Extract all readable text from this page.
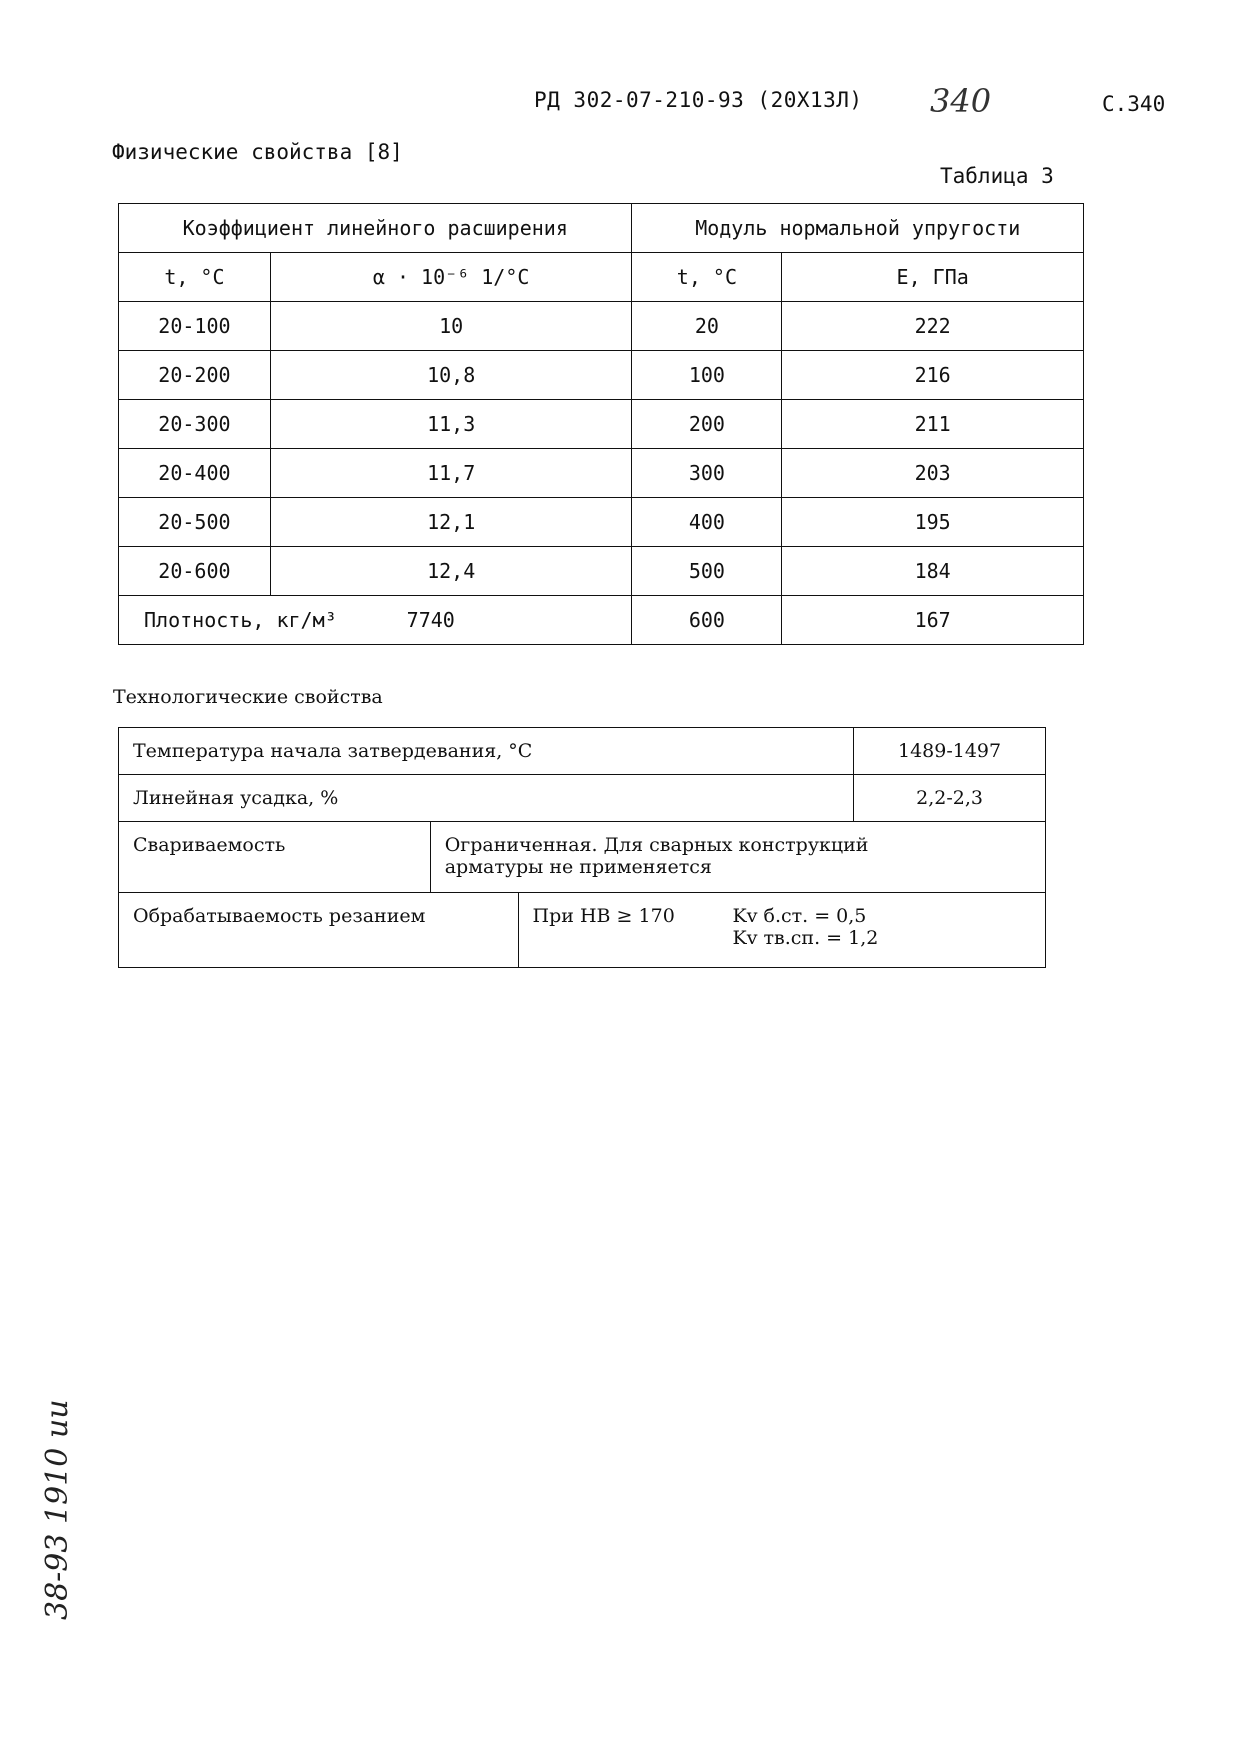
РД 302-07-210-93 (20Х13Л) 340	С.340
Физические свойства [8]
Таблица 3
Коэффициент линейного расширения		Модуль нормальной упругости	
t, °C	α · 10⁻⁶ 1/°C	t, °C	E, ГПа
20-100	10	20	222
20-200	10,8	100	216
20-300	11,3	200	211
20-400	11,7	300	203
20-500	12,1	400	195
20-600	12,4	500	184
Плотность, кг/м³ 7740		600	167
Технологические свойства
Температура начала затвердевания, °C			1489-1497
Линейная усадка, %			2,2-2,3
Свариваемость	Ограниченная. Для сварных конструкций
арматуры не применяется		

Обрабатываемость резанием		При НВ ≥ 170 Kv б.ст. = 0,5
Kv тв.сп. = 1,2	
38-93 1910 ии
